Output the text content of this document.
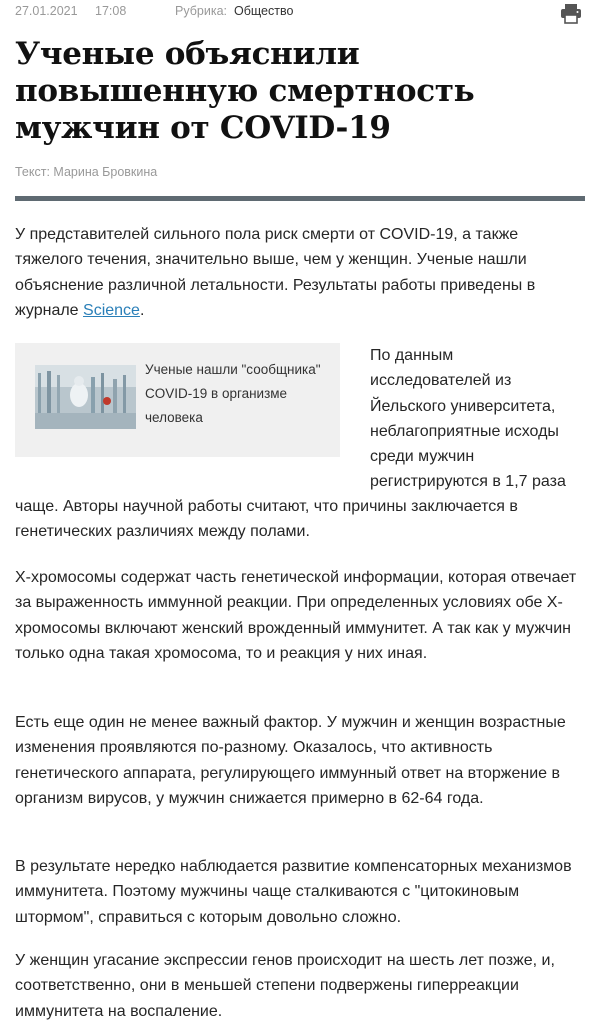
27.01.2021 17:08	Рубрика: Общество
Ученые объяснили повышенную смертность мужчин от COVID-19
Текст: Марина Бровкина

У представителей сильного пола риск смерти от COVID-19, а также тяжелого течения, значительно выше, чем у женщин. Ученые нашли объяснение различной летальности. Результаты работы приведены в журнале Science.

Ученые нашли "сообщника" COVID-19 в организме человека
По данным
исследователей из
Йельского университета,
неблагоприятные исходы
среди мужчин
регистрируются в 1,7 раза

чаще. Авторы научной работы считают, что причины заключается в генетических различиях между полами.

X-хромосомы содержат часть генетической информации, которая отвечает за выраженность иммунной реакции. При определенных условиях обе X-хромосомы включают женский врожденный иммунитет. А так как у мужчин только одна такая хромосома, то и реакция у них иная.

Есть еще один не менее важный фактор. У мужчин и женщин возрастные изменения проявляются по-разному. Оказалось, что активность генетического аппарата, регулирующего иммунный ответ на вторжение в организм вирусов, у мужчин снижается примерно в 62-64 года.

В результате нередко наблюдается развитие компенсаторных механизмов иммунитета. Поэтому мужчины чаще сталкиваются с "цитокиновым штормом", справиться с которым довольно сложно.

У женщин угасание экспрессии генов происходит на шесть лет позже, и, соответственно, они в меньшей степени подвержены гиперреакции иммунитета на воспаление.
